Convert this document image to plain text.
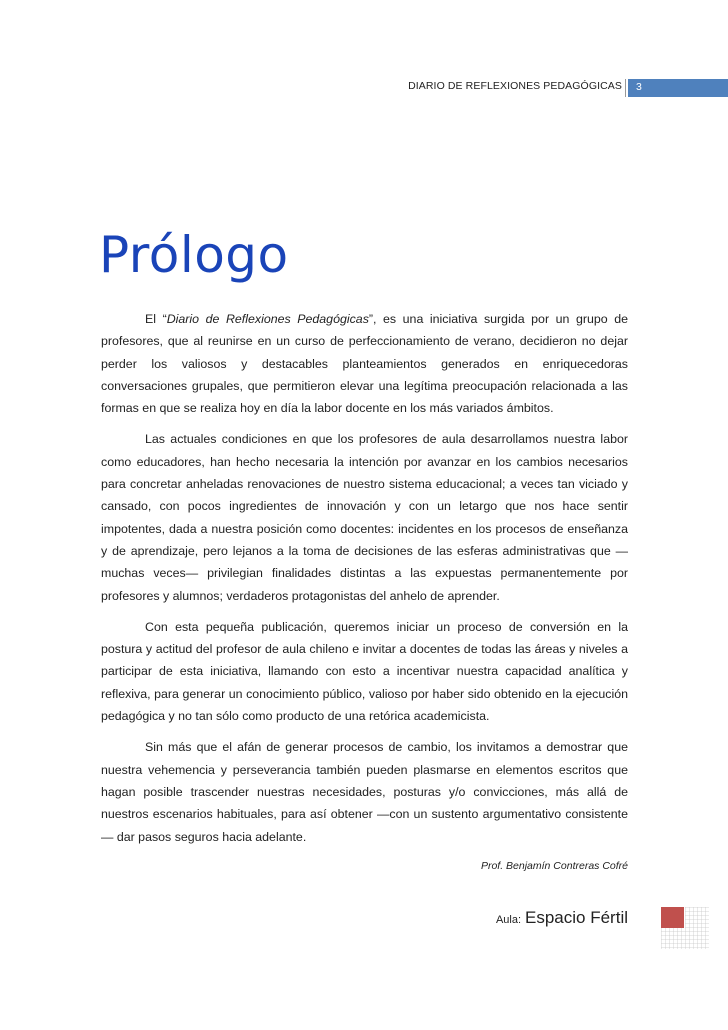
DIARIO DE REFLEXIONES PEDAGÓGICAS 3
Prólogo

El “Diario de Reflexiones Pedagógicas”, es una iniciativa surgida por un grupo de profesores, que al reunirse en un curso de perfeccionamiento de verano, decidieron no dejar perder los valiosos y destacables planteamientos generados en enriquecedoras conversaciones grupales, que permitieron elevar una legítima preocupación relacionada a las formas en que se realiza hoy en día la labor docente en los más variados ámbitos.

Las actuales condiciones en que los profesores de aula desarrollamos nuestra labor como educadores, han hecho necesaria la intención por avanzar en los cambios necesarios para concretar anheladas renovaciones de nuestro sistema educacional; a veces tan viciado y cansado, con pocos ingredientes de innovación y con un letargo que nos hace sentir impotentes, dada a nuestra posición como docentes: incidentes en los procesos de enseñanza y de aprendizaje, pero lejanos a la toma de decisiones de las esferas administrativas que —muchas veces— privilegian finalidades distintas a las expuestas permanentemente por profesores y alumnos; verdaderos protagonistas del anhelo de aprender.

Con esta pequeña publicación, queremos iniciar un proceso de conversión en la postura y actitud del profesor de aula chileno e invitar a docentes de todas las áreas y niveles a participar de esta iniciativa, llamando con esto a incentivar nuestra capacidad analítica y reflexiva, para generar un conocimiento público, valioso por haber sido obtenido en la ejecución pedagógica y no tan sólo como producto de una retórica academicista.

Sin más que el afán de generar procesos de cambio, los invitamos a demostrar que nuestra vehemencia y perseverancia también pueden plasmarse en elementos escritos que hagan posible trascender nuestras necesidades, posturas y/o convicciones, más allá de nuestros escenarios habituales, para así obtener —con un sustento argumentativo consistente— dar pasos seguros hacia adelante.

Prof. Benjamín Contreras Cofré
Aula: Espacio Fértil
